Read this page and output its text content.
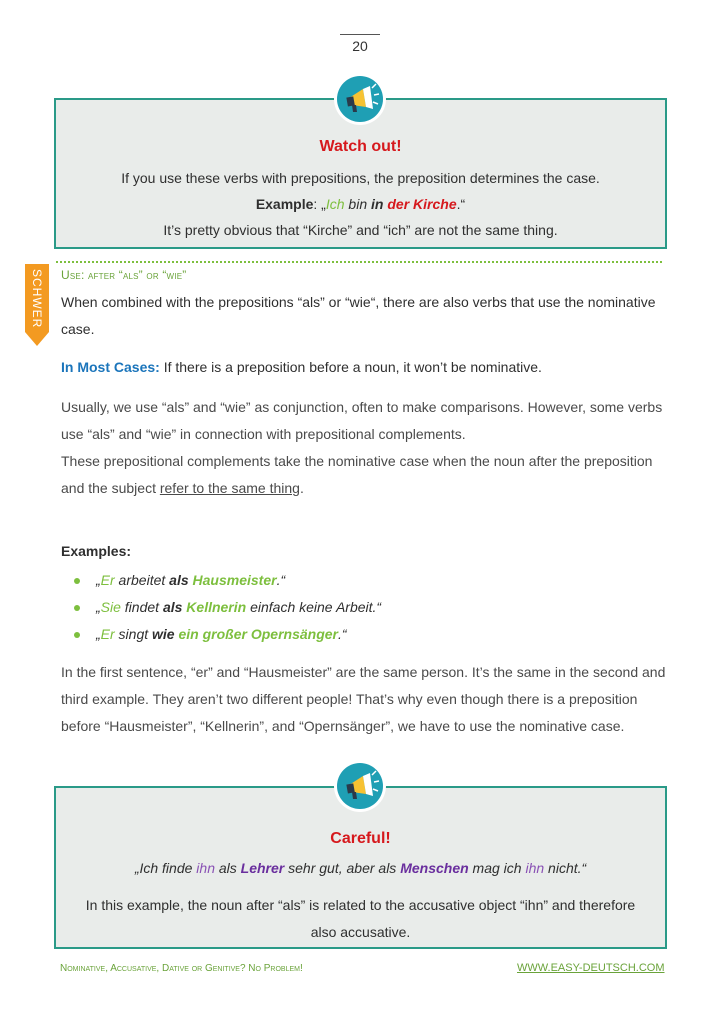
20
Watch out!
If you use these verbs with prepositions, the preposition determines the case.
Example: „Ich bin in der Kirche.“
It’s pretty obvious that “Kirche” and “ich” are not the same thing.
SCHWER	Use: after “als” or “wie”
When combined with the prepositions “als” or “wie“, there are also verbs that use the nominative case.
In Most Cases: If there is a preposition before a noun, it won’t be nominative.
Usually, we use “als” and “wie” as conjunction, often to make comparisons. However, some verbs use “als” and “wie” in connection with prepositional complements.
These prepositional complements take the nominative case when the noun after the preposition and the subject refer to the same thing.
Examples:
„Er arbeitet als Hausmeister.“
„Sie findet als Kellnerin einfach keine Arbeit.“
„Er singt wie ein großer Opernsänger.“
In the first sentence, “er” and “Hausmeister” are the same person. It’s the same in the second and third example. They aren’t two different people! That’s why even though there is a preposition before “Hausmeister”, “Kellnerin”, and “Opernsänger”, we have to use the nominative case.
Careful!
„Ich finde ihn als Lehrer sehr gut, aber als Menschen mag ich ihn nicht.“
In this example, the noun after “als” is related to the accusative object “ihn” and therefore also accusative.
Nominative, Accusative, Dative or Genitive? No Problem!	WWW.EASY-DEUTSCH.COM
